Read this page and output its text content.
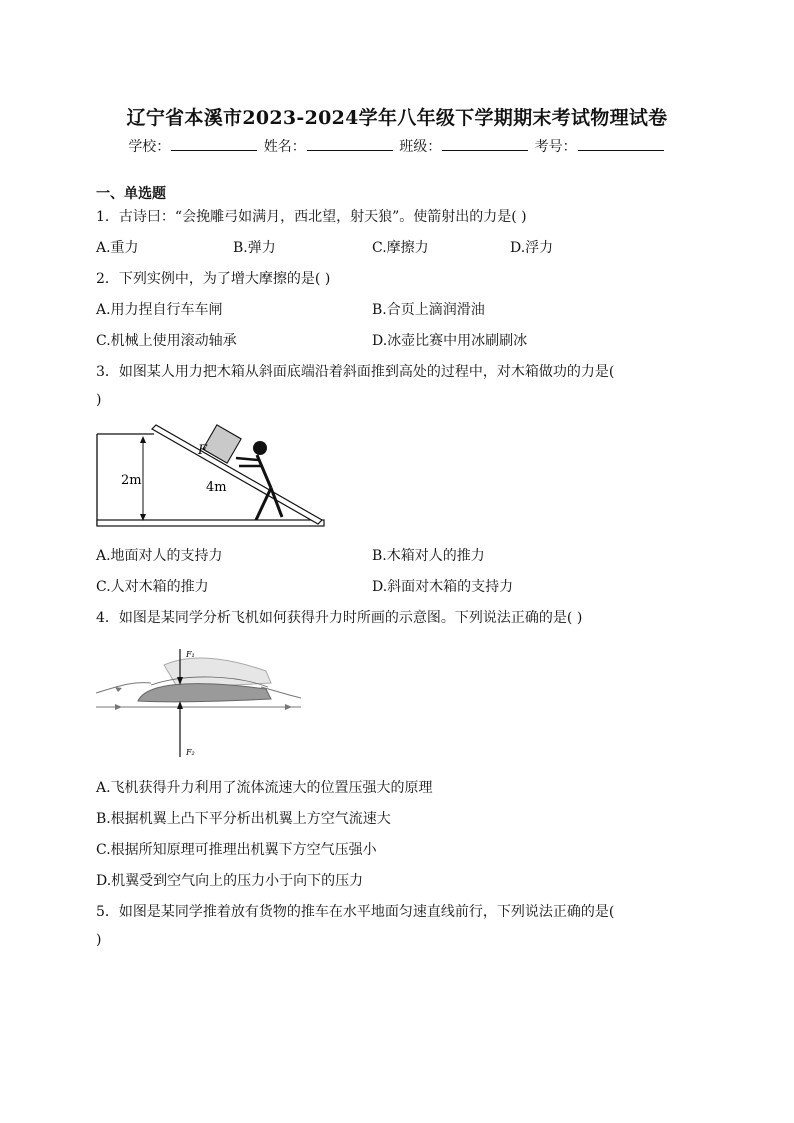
辽宁省本溪市2023-2024学年八年级下学期期末考试物理试卷
学校：	姓名：	班级：	考号：
一、单选题
1．古诗曰：“会挽雕弓如满月，西北望，射天狼”。使箭射出的力是( )
A.重力	B.弹力	C.摩擦力	D.浮力
2．下列实例中，为了增大摩擦的是( )
A.用力捏自行车车闸	B.合页上滴润滑油
C.机械上使用滚动轴承	D.冰壶比赛中用冰刷刷冰
3．如图某人用力把木箱从斜面底端沿着斜面推到高处的过程中，对木箱做功的力是(
)
2m	4m
F
A.地面对人的支持力	B.木箱对人的推力
C.人对木箱的推力	D.斜面对木箱的支持力
4．如图是某同学分析飞机如何获得升力时所画的示意图。下列说法正确的是( )
F₁
F₂
A.飞机获得升力利用了流体流速大的位置压强大的原理
B.根据机翼上凸下平分析出机翼上方空气流速大
C.根据所知原理可推理出机翼下方空气压强小
D.机翼受到空气向上的压力小于向下的压力
5．如图是某同学推着放有货物的推车在水平地面匀速直线前行，下列说法正确的是(
)
